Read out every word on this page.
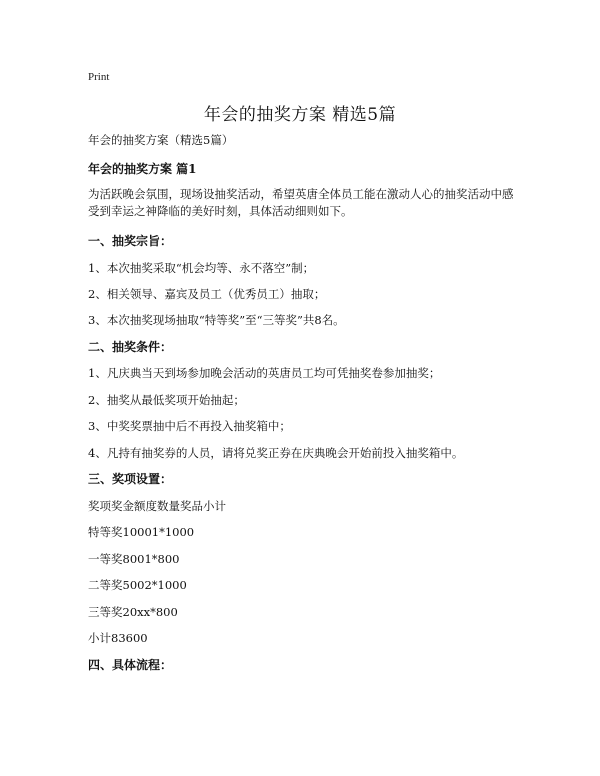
Print
年会的抽奖方案 精选5篇

年会的抽奖方案（精选5篇）

年会的抽奖方案 篇1

为活跃晚会氛围，现场设抽奖活动，希望英唐全体员工能在激动人心的抽奖活动中感受到幸运之神降临的美好时刻，具体活动细则如下。

一、抽奖宗旨：

1、本次抽奖采取“机会均等、永不落空”制；

2、相关领导、嘉宾及员工（优秀员工）抽取；

3、本次抽奖现场抽取“特等奖”至“三等奖”共8名。

二、抽奖条件：

1、凡庆典当天到场参加晚会活动的英唐员工均可凭抽奖卷参加抽奖；

2、抽奖从最低奖项开始抽起；

3、中奖奖票抽中后不再投入抽奖箱中；

4、凡持有抽奖券的人员，请将兑奖正券在庆典晚会开始前投入抽奖箱中。

三、奖项设置：

奖项奖金额度数量奖品小计

特等奖10001*1000

一等奖8001*800

二等奖5002*1000

三等奖20xx*800

小计83600

四、具体流程：
